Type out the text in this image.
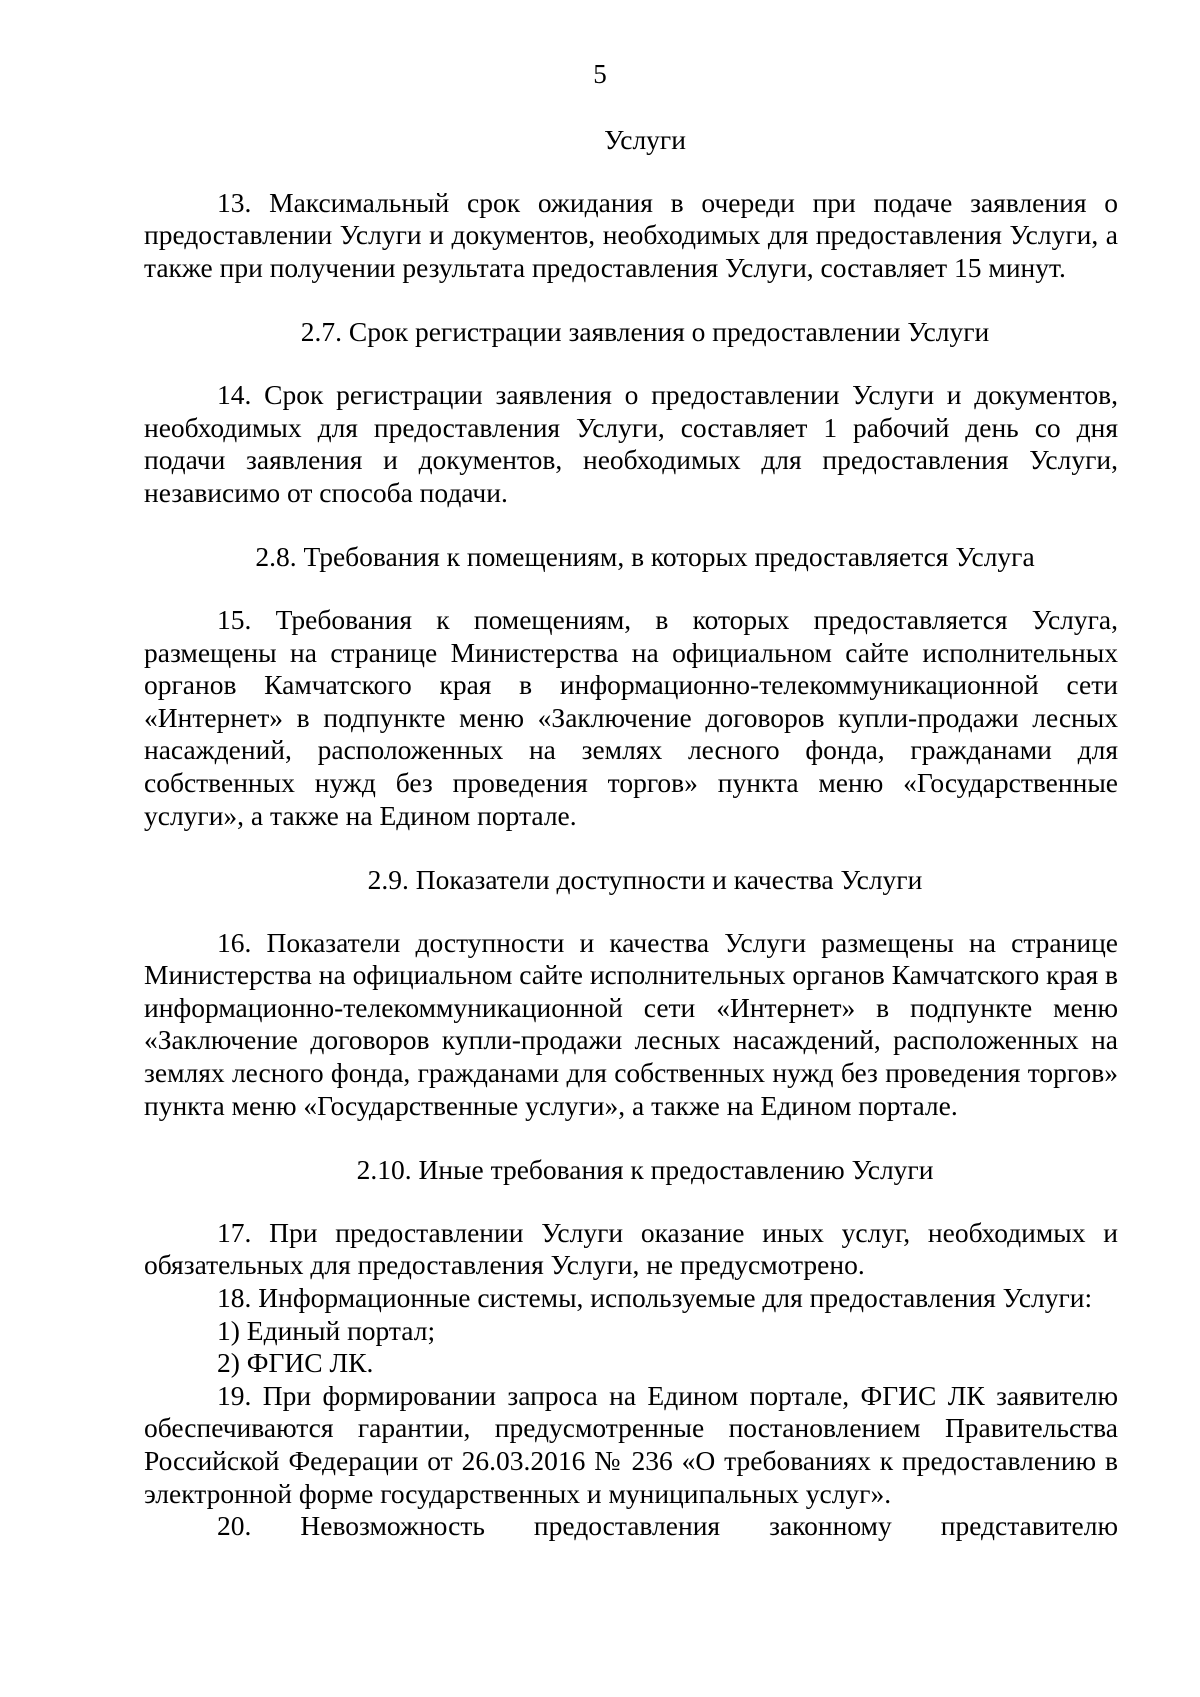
5

Услуги

13. Максимальный срок ожидания в очереди при подаче заявления о предоставлении Услуги и документов, необходимых для предоставления Услуги, а также при получении результата предоставления Услуги, составляет 15 минут.

2.7. Срок регистрации заявления о предоставлении Услуги

14. Срок регистрации заявления о предоставлении Услуги и документов, необходимых для предоставления Услуги, составляет 1 рабочий день со дня подачи заявления и документов, необходимых для предоставления Услуги, независимо от способа подачи.

2.8. Требования к помещениям, в которых предоставляется Услуга

15. Требования к помещениям, в которых предоставляется Услуга, размещены на странице Министерства на официальном сайте исполнительных органов Камчатского края в информационно-телекоммуникационной сети «Интернет» в подпункте меню «Заключение договоров купли-продажи лесных насаждений, расположенных на землях лесного фонда, гражданами для собственных нужд без проведения торгов» пункта меню «Государственные услуги», а также на Едином портале.

2.9. Показатели доступности и качества Услуги

16. Показатели доступности и качества Услуги размещены на странице Министерства на официальном сайте исполнительных органов Камчатского края в информационно-телекоммуникационной сети «Интернет» в подпункте меню «Заключение договоров купли-продажи лесных насаждений, расположенных на землях лесного фонда, гражданами для собственных нужд без проведения торгов» пункта меню «Государственные услуги», а также на Едином портале.

2.10. Иные требования к предоставлению Услуги

17. При предоставлении Услуги оказание иных услуг, необходимых и обязательных для предоставления Услуги, не предусмотрено.

18. Информационные системы, используемые для предоставления Услуги:

1) Единый портал;

2) ФГИС ЛК.

19. При формировании запроса на Едином портале, ФГИС ЛК заявителю обеспечиваются гарантии, предусмотренные постановлением Правительства Российской Федерации от 26.03.2016 № 236 «О требованиях к предоставлению в электронной форме государственных и муниципальных услуг».

20. Невозможность предоставления законному представителю
